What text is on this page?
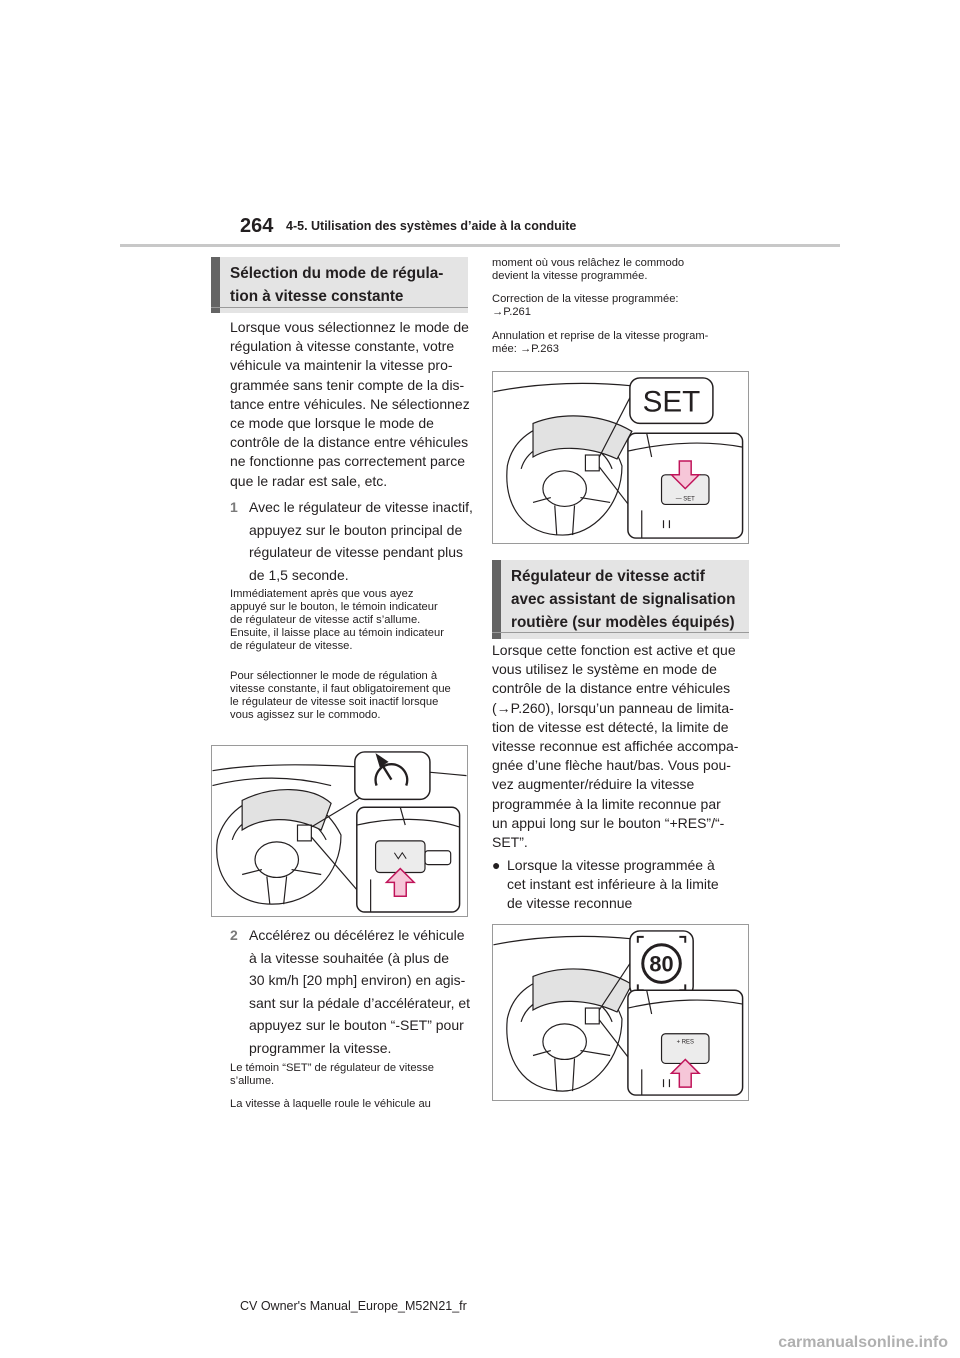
264 4-5. Utilisation des systèmes d’aide à la conduite
Sélection du mode de régula-
tion à vitesse constante

Lorsque vous sélectionnez le mode de

régulation à vitesse constante, votre

véhicule va maintenir la vitesse pro-

grammée sans tenir compte de la dis-

tance entre véhicules. Ne sélectionnez

ce mode que lorsque le mode de

contrôle de la distance entre véhicules

ne fonctionne pas correctement parce

que le radar est sale, etc.

1 Avec le régulateur de vitesse inactif,

appuyez sur le bouton principal de

régulateur de vitesse pendant plus

de 1,5 seconde.

Immédiatement après que vous ayez

appuyé sur le bouton, le témoin indicateur

de régulateur de vitesse actif s’allume.

Ensuite, il laisse place au témoin indicateur

de régulateur de vitesse.

Pour sélectionner le mode de régulation à

vitesse constante, il faut obligatoirement que

le régulateur de vitesse soit inactif lorsque

vous agissez sur le commodo.

2 Accélérez ou décélérez le véhicule

à la vitesse souhaitée (à plus de

30 km/h [20 mph] environ) en agis-

sant sur la pédale d’accélérateur, et

appuyez sur le bouton “-SET” pour

programmer la vitesse.

Le témoin “SET” de régulateur de vitesse

s’allume.

La vitesse à laquelle roule le véhicule au

moment où vous relâchez le commodo

devient la vitesse programmée.

Correction de la vitesse programmée:

→P.261

Annulation et reprise de la vitesse program-

mée: →P.263

SET
— SET
Régulateur de vitesse actif
avec assistant de signalisation
routière (sur modèles équipés)

Lorsque cette fonction est active et que

vous utilisez le système en mode de

contrôle de la distance entre véhicules

(→P.260), lorsqu’un panneau de limita-

tion de vitesse est détecté, la limite de

vitesse reconnue est affichée accompa-

gnée d’une flèche haut/bas. Vous pou-

vez augmenter/réduire la vitesse

programmée à la limite reconnue par

un appui long sur le bouton “+RES”/“-

SET”.

● Lorsque la vitesse programmée à

cet instant est inférieure à la limite

de vitesse reconnue

80
+ RES
CV Owner's Manual_Europe_M52N21_fr
carmanualsonline.info
